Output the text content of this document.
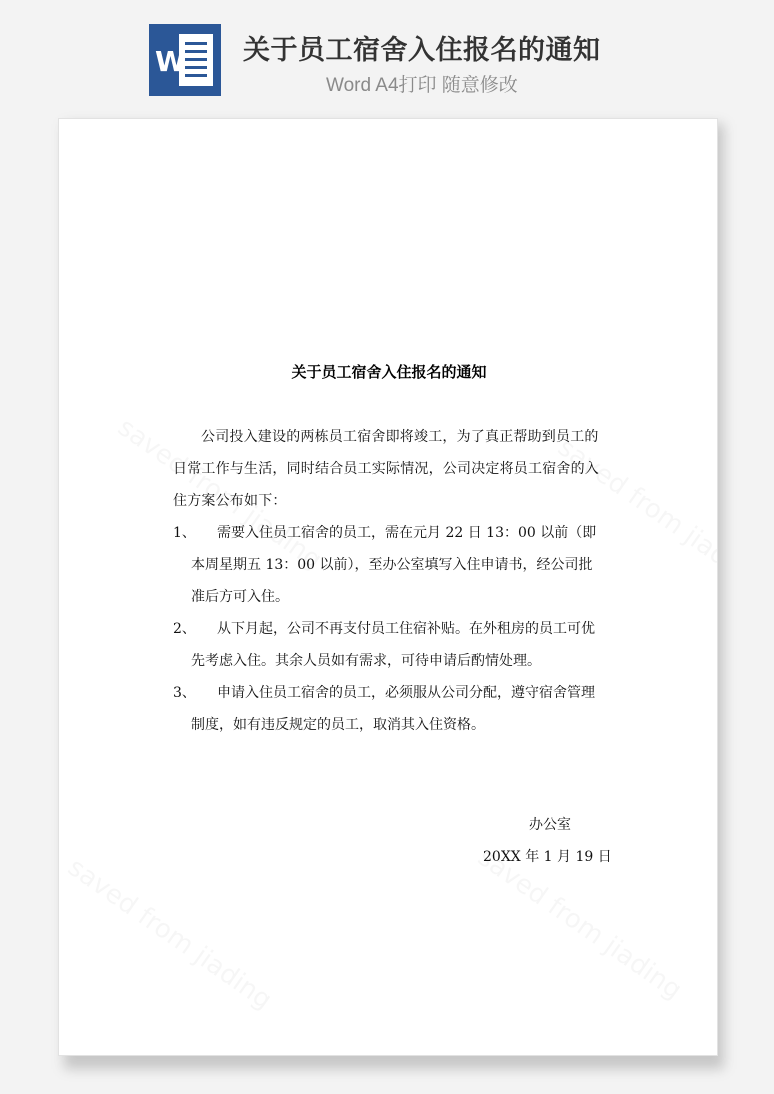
W 关于员工宿舍入住报名的通知
Word A4打印 随意修改
关于员工宿舍入住报名的通知

公司投入建设的两栋员工宿舍即将竣工，为了真正帮助到员工的日常工作与生活，同时结合员工实际情况，公司决定将员工宿舍的入住方案公布如下：

1、	需要入住员工宿舍的员工，需在元月 22 日 13：00 以前（即本周星期五 13：00 以前），至办公室填写入住申请书，经公司批准后方可入住。

2、	从下月起，公司不再支付员工住宿补贴。在外租房的员工可优先考虑入住。其余人员如有需求，可待申请后酌情处理。

3、	申请入住员工宿舍的员工，必须服从公司分配，遵守宿舍管理制度，如有违反规定的员工，取消其入住资格。

办公室
20XX 年 1 月 19 日
